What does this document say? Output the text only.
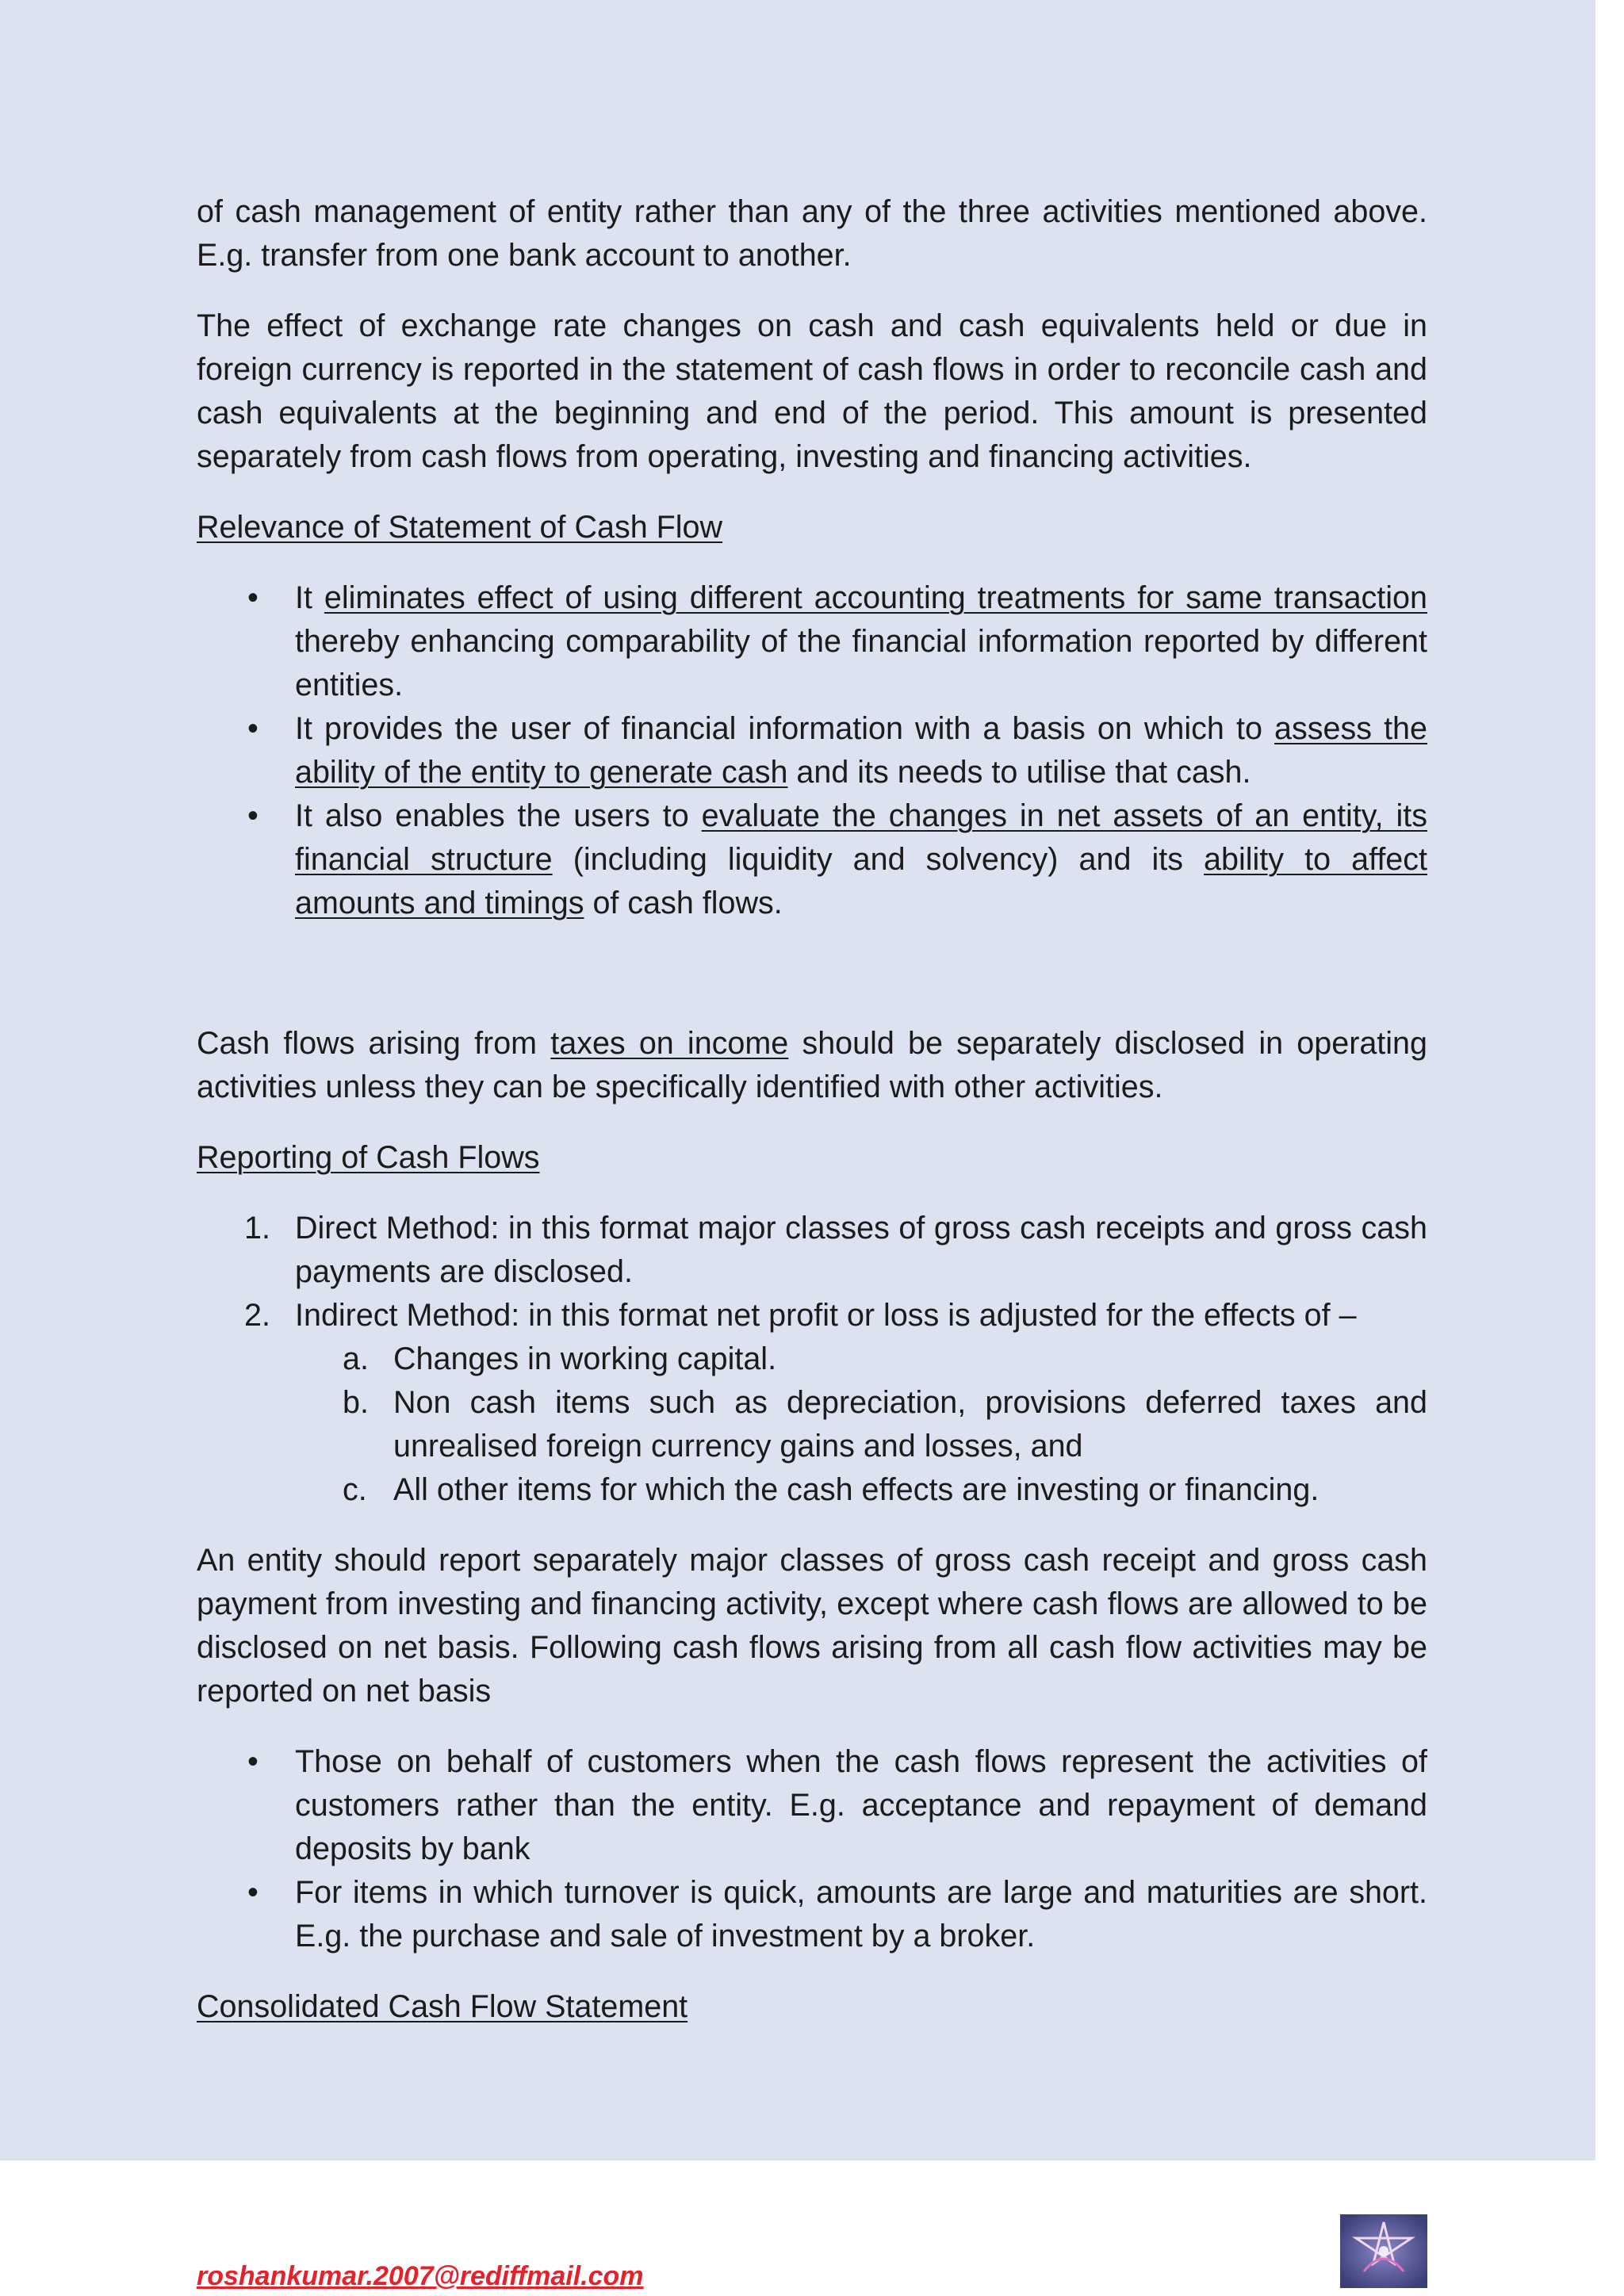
of cash management of entity rather than any of the three activities mentioned above. E.g. transfer from one bank account to another.

The effect of exchange rate changes on cash and cash equivalents held or due in foreign currency is reported in the statement of cash flows in order to reconcile cash and cash equivalents at the beginning and end of the period. This amount is presented separately from cash flows from operating, investing and financing activities.

Relevance of Statement of Cash Flow

• It eliminates effect of using different accounting treatments for same transaction thereby enhancing comparability of the financial information reported by different entities.
• It provides the user of financial information with a basis on which to assess the ability of the entity to generate cash and its needs to utilise that cash.
• It also enables the users to evaluate the changes in net assets of an entity, its financial structure (including liquidity and solvency) and its ability to affect amounts and timings of cash flows.

Cash flows arising from taxes on income should be separately disclosed in operating activities unless they can be specifically identified with other activities.

Reporting of Cash Flows

1. Direct Method: in this format major classes of gross cash receipts and gross cash payments are disclosed.
2. Indirect Method: in this format net profit or loss is adjusted for the effects of –
a. Changes in working capital.
b. Non cash items such as depreciation, provisions deferred taxes and unrealised foreign currency gains and losses, and
c. All other items for which the cash effects are investing or financing.

An entity should report separately major classes of gross cash receipt and gross cash payment from investing and financing activity, except where cash flows are allowed to be disclosed on net basis. Following cash flows arising from all cash flow activities may be reported on net basis

• Those on behalf of customers when the cash flows represent the activities of customers rather than the entity. E.g. acceptance and repayment of demand deposits by bank
• For items in which turnover is quick, amounts are large and maturities are short. E.g. the purchase and sale of investment by a broker.

Consolidated Cash Flow Statement

roshankumar.2007@rediffmail.com
